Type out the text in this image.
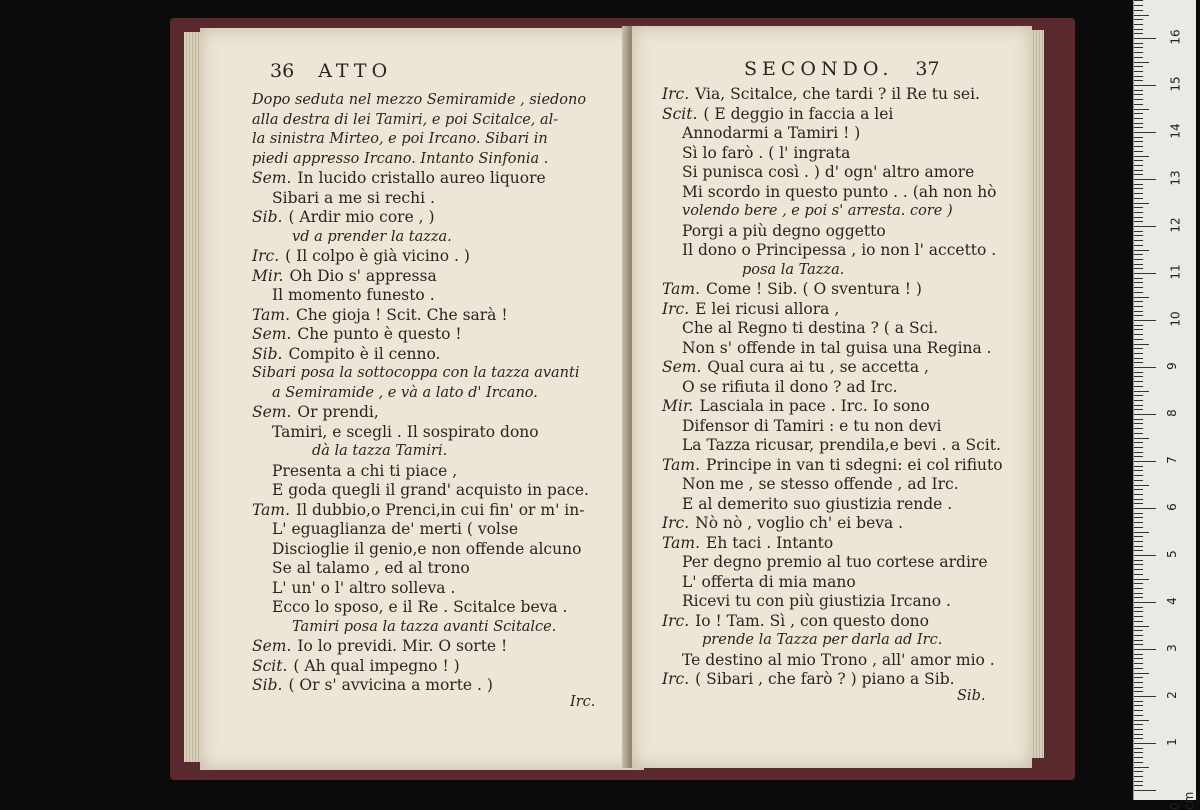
36 ATTO
Dopo seduta nel mezzo Semiramide , siedono
alla destra di lei Tamiri, e poi Scitalce, al-
la sinistra Mirteo, e poi Ircano. Sibari in
piedi appresso Ircano. Intanto Sinfonia .
Sem. In lucido cristallo aureo liquore
Sibari a me si rechi .
Sib. ( Ardir mio core , )
vd a prender la tazza.
Irc. ( Il colpo è già vicino . )
Mir. Oh Dio s' appressa
Il momento funesto .
Tam. Che gioja ! Scit. Che sarà !
Sem. Che punto è questo !
Sib. Compito è il cenno.
Sibari posa la sottocoppa con la tazza avanti
a Semiramide , e và a lato d' Ircano.
Sem. Or prendi,
Tamiri, e scegli . Il sospirato dono
dà la tazza Tamiri.
Presenta a chi ti piace ,
E goda quegli il grand' acquisto in pace.
Tam. Il dubbio,o Prenci,in cui fin' or m' in-
L' eguaglianza de' merti ( volse
Discioglie il genio,e non offende alcuno
Se al talamo , ed al trono
L' un' o l' altro solleva .
Ecco lo sposo, e il Re . Scitalce beva .
Tamiri posa la tazza avanti Scitalce.
Sem. Io lo previdi. Mir. O sorte !
Scit. ( Ah qual impegno ! )
Sib. ( Or s' avvicina a morte . )
Irc.
SECONDO. 37
Irc. Via, Scitalce, che tardi ? il Re tu sei.
Scit. ( E deggio in faccia a lei
Annodarmi a Tamiri ! )
Sì lo farò . ( l' ingrata
Si punisca così . ) d' ogn' altro amore
Mi scordo in questo punto . . (ah non hò
volendo bere , e poi s' arresta. core )
Porgi a più degno oggetto
Il dono o Principessa , io non l' accetto .
posa la Tazza.
Tam. Come ! Sib. ( O sventura ! )
Irc. E lei ricusi allora ,
Che al Regno ti destina ? ( a Sci.
Non s' offende in tal guisa una Regina .
Sem. Qual cura ai tu , se accetta ,
O se rifiuta il dono ? ad Irc.
Mir. Lasciala in pace . Irc. Io sono
Difensor di Tamiri : e tu non devi
La Tazza ricusar, prendila,e bevi . a Scit.
Tam. Principe in van ti sdegni: ei col rifiuto
Non me , se stesso offende , ad Irc.
E al demerito suo giustizia rende .
Irc. Nò nò , voglio ch' ei beva .
Tam. Eh taci . Intanto
Per degno premio al tuo cortese ardire
L' offerta di mia mano
Ricevi tu con più giustizia Ircano .
Irc. Io ! Tam. Sì , con questo dono
prende la Tazza per darla ad Irc.
Te destino al mio Trono , all' amor mio .
Irc. ( Sibari , che farò ? ) piano a Sib.
Sib.
0 cm
1
2
3
4
5
6
7
8
9
10
11
12
13
14
15
16
